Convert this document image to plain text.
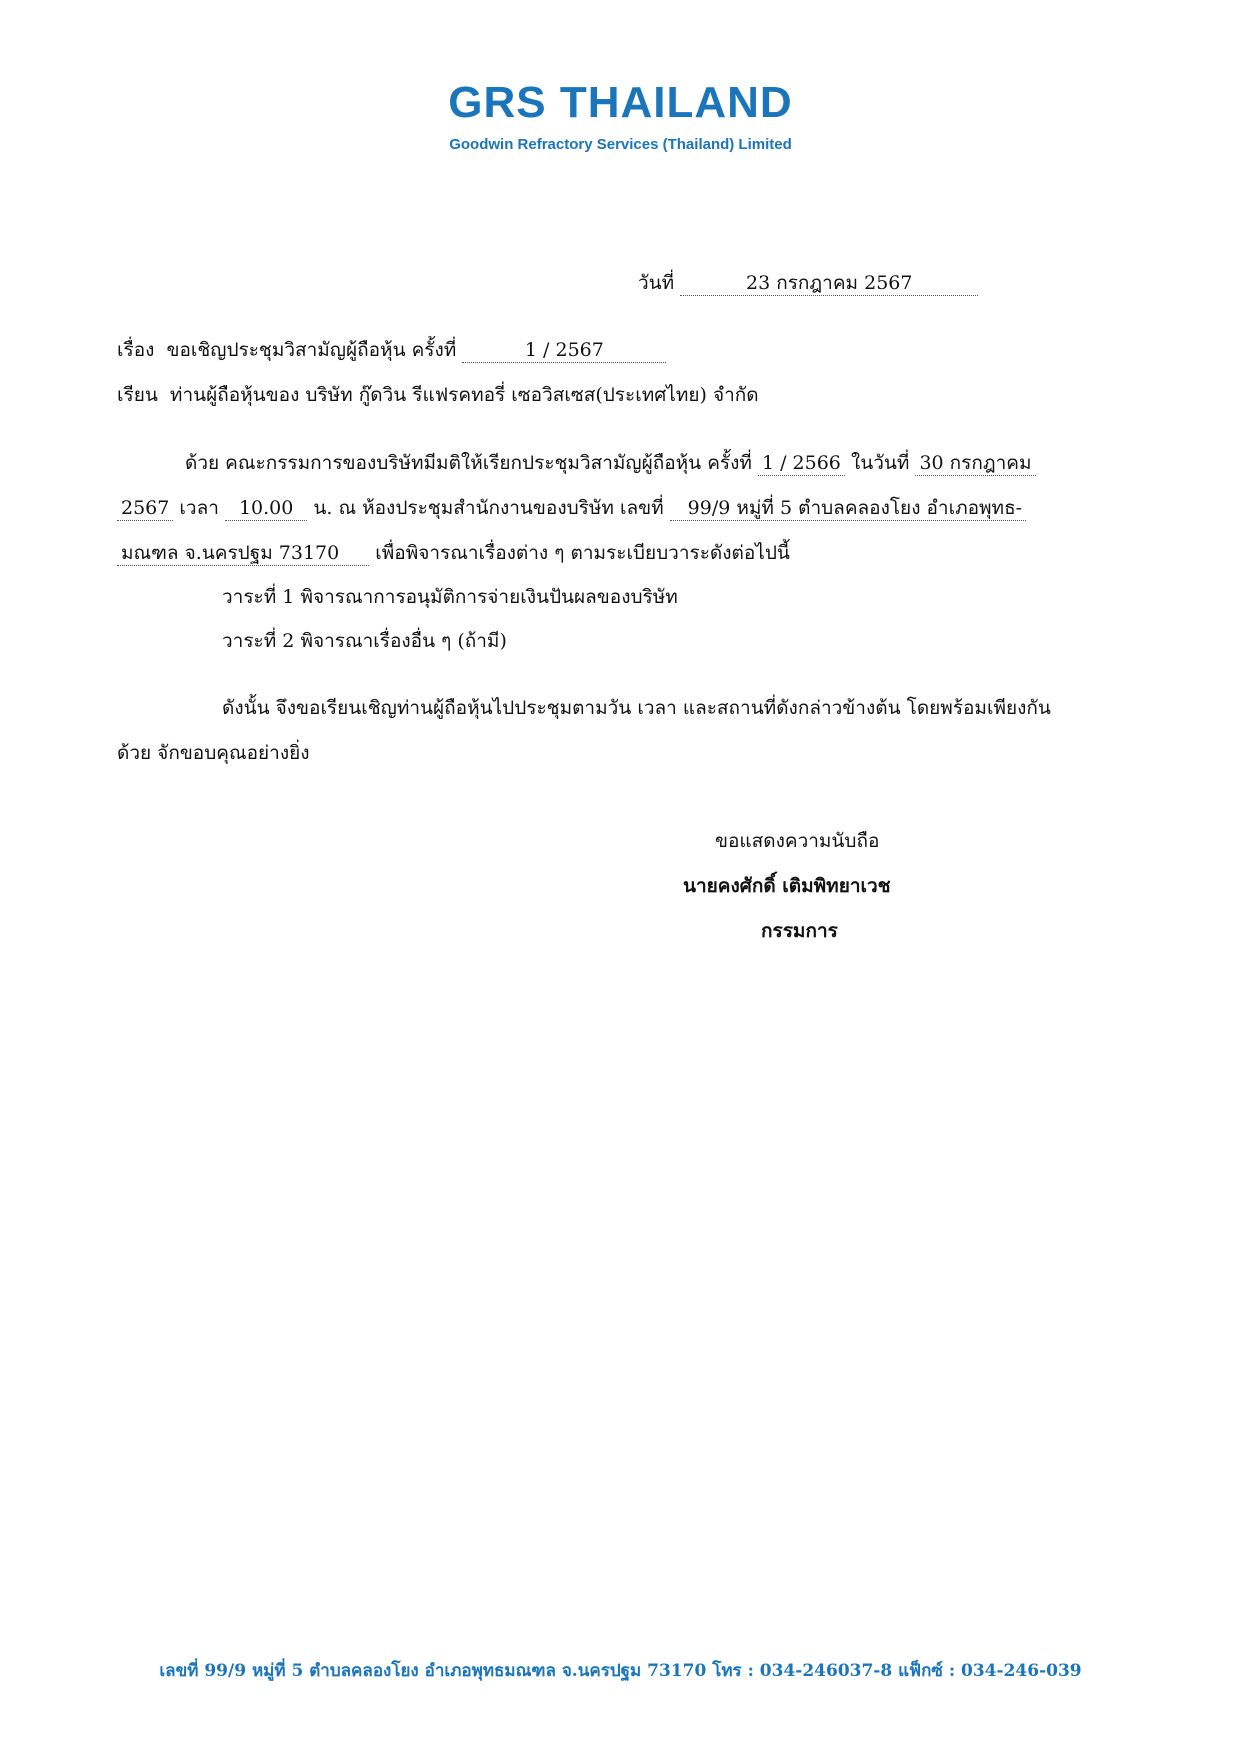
GRS THAILAND
Goodwin Refractory Services (Thailand) Limited
วันที่	23 กรกฎาคม 2567
เรื่อง ขอเชิญประชุมวิสามัญผู้ถือหุ้น ครั้งที่	1 / 2567
เรียน ท่านผู้ถือหุ้นของ บริษัท กู๊ดวิน รีแฟรคทอรี่ เซอวิสเซส(ประเทศไทย) จำกัด
ด้วย คณะกรรมการของบริษัทมีมติให้เรียกประชุมวิสามัญผู้ถือหุ้น ครั้งที่ 1 / 2566 ในวันที่ 30 กรกฎาคม
2567 เวลา 10.00 น. ณ ห้องประชุมสำนักงานของบริษัท เลขที่ 99/9 หมู่ที่ 5 ตำบลคลองโยง อำเภอพุทธ-
มณฑล จ.นครปฐม 73170 เพื่อพิจารณาเรื่องต่าง ๆ ตามระเบียบวาระดังต่อไปนี้
วาระที่ 1 พิจารณาการอนุมัติการจ่ายเงินปันผลของบริษัท
วาระที่ 2 พิจารณาเรื่องอื่น ๆ (ถ้ามี)
ดังนั้น จึงขอเรียนเชิญท่านผู้ถือหุ้นไปประชุมตามวัน เวลา และสถานที่ดังกล่าวข้างต้น โดยพร้อมเพียงกัน
ด้วย จักขอบคุณอย่างยิ่ง
ขอแสดงความนับถือ
นายคงศักดิ์ เติมพิทยาเวช
กรรมการ
เลขที่ 99/9 หมู่ที่ 5 ตำบลคลองโยง อำเภอพุทธมณฑล จ.นครปฐม 73170 โทร : 034-246037-8 แฟ็กซ์ : 034-246-039
